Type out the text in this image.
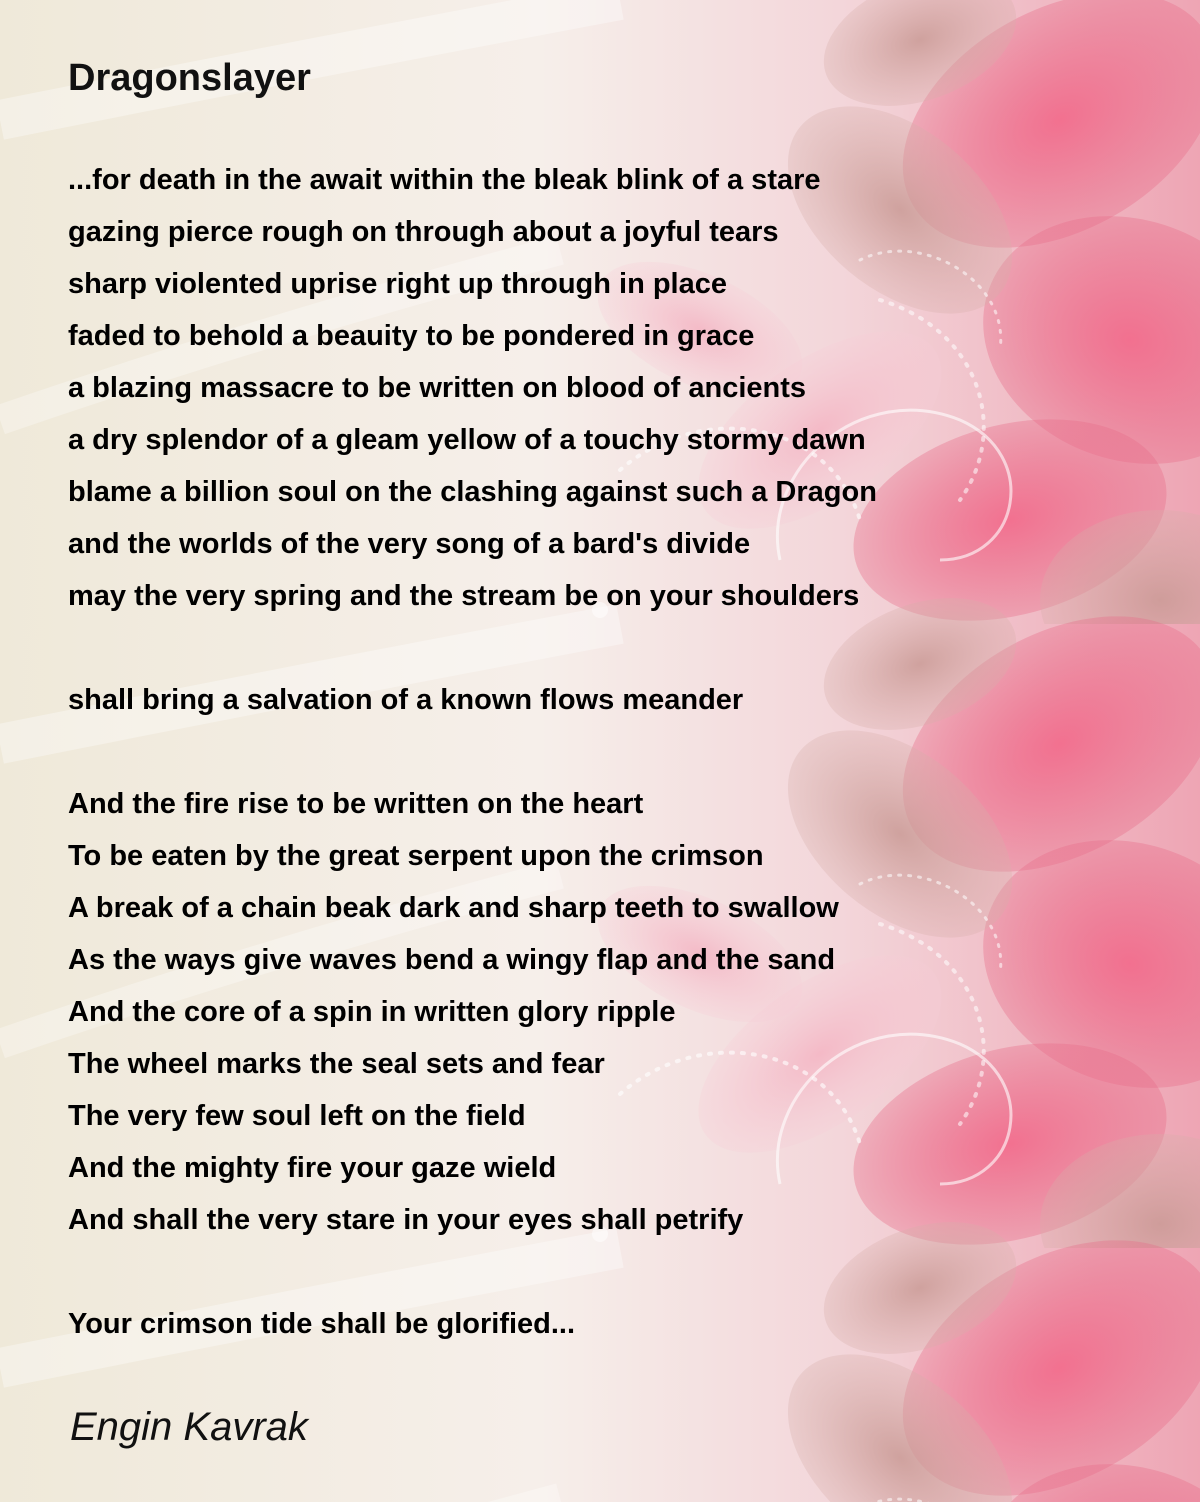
Dragonslayer
...for death in the await within the bleak blink of a stare
gazing pierce rough on through about a joyful tears
sharp violented uprise right up through in place
faded to behold a beauity to be pondered in grace
a blazing massacre to be written on blood of ancients
a dry splendor of a gleam yellow of a touchy stormy dawn
blame a billion soul on the clashing against such a Dragon
and the worlds of the very song of a bard's divide
may the very spring and the stream be on your shoulders
shall bring a salvation of a known flows meander
And the fire rise to be written on the heart
To be eaten by the great serpent upon the crimson
A break of a chain beak dark and sharp teeth to swallow
As the ways give waves bend a wingy flap and the sand
And the core of a spin in written glory ripple
The wheel marks the seal sets and fear
The very few soul left on the field
And the mighty fire your gaze wield
And shall the very stare in your eyes shall petrify
Your crimson tide shall be glorified...

Engin Kavrak
